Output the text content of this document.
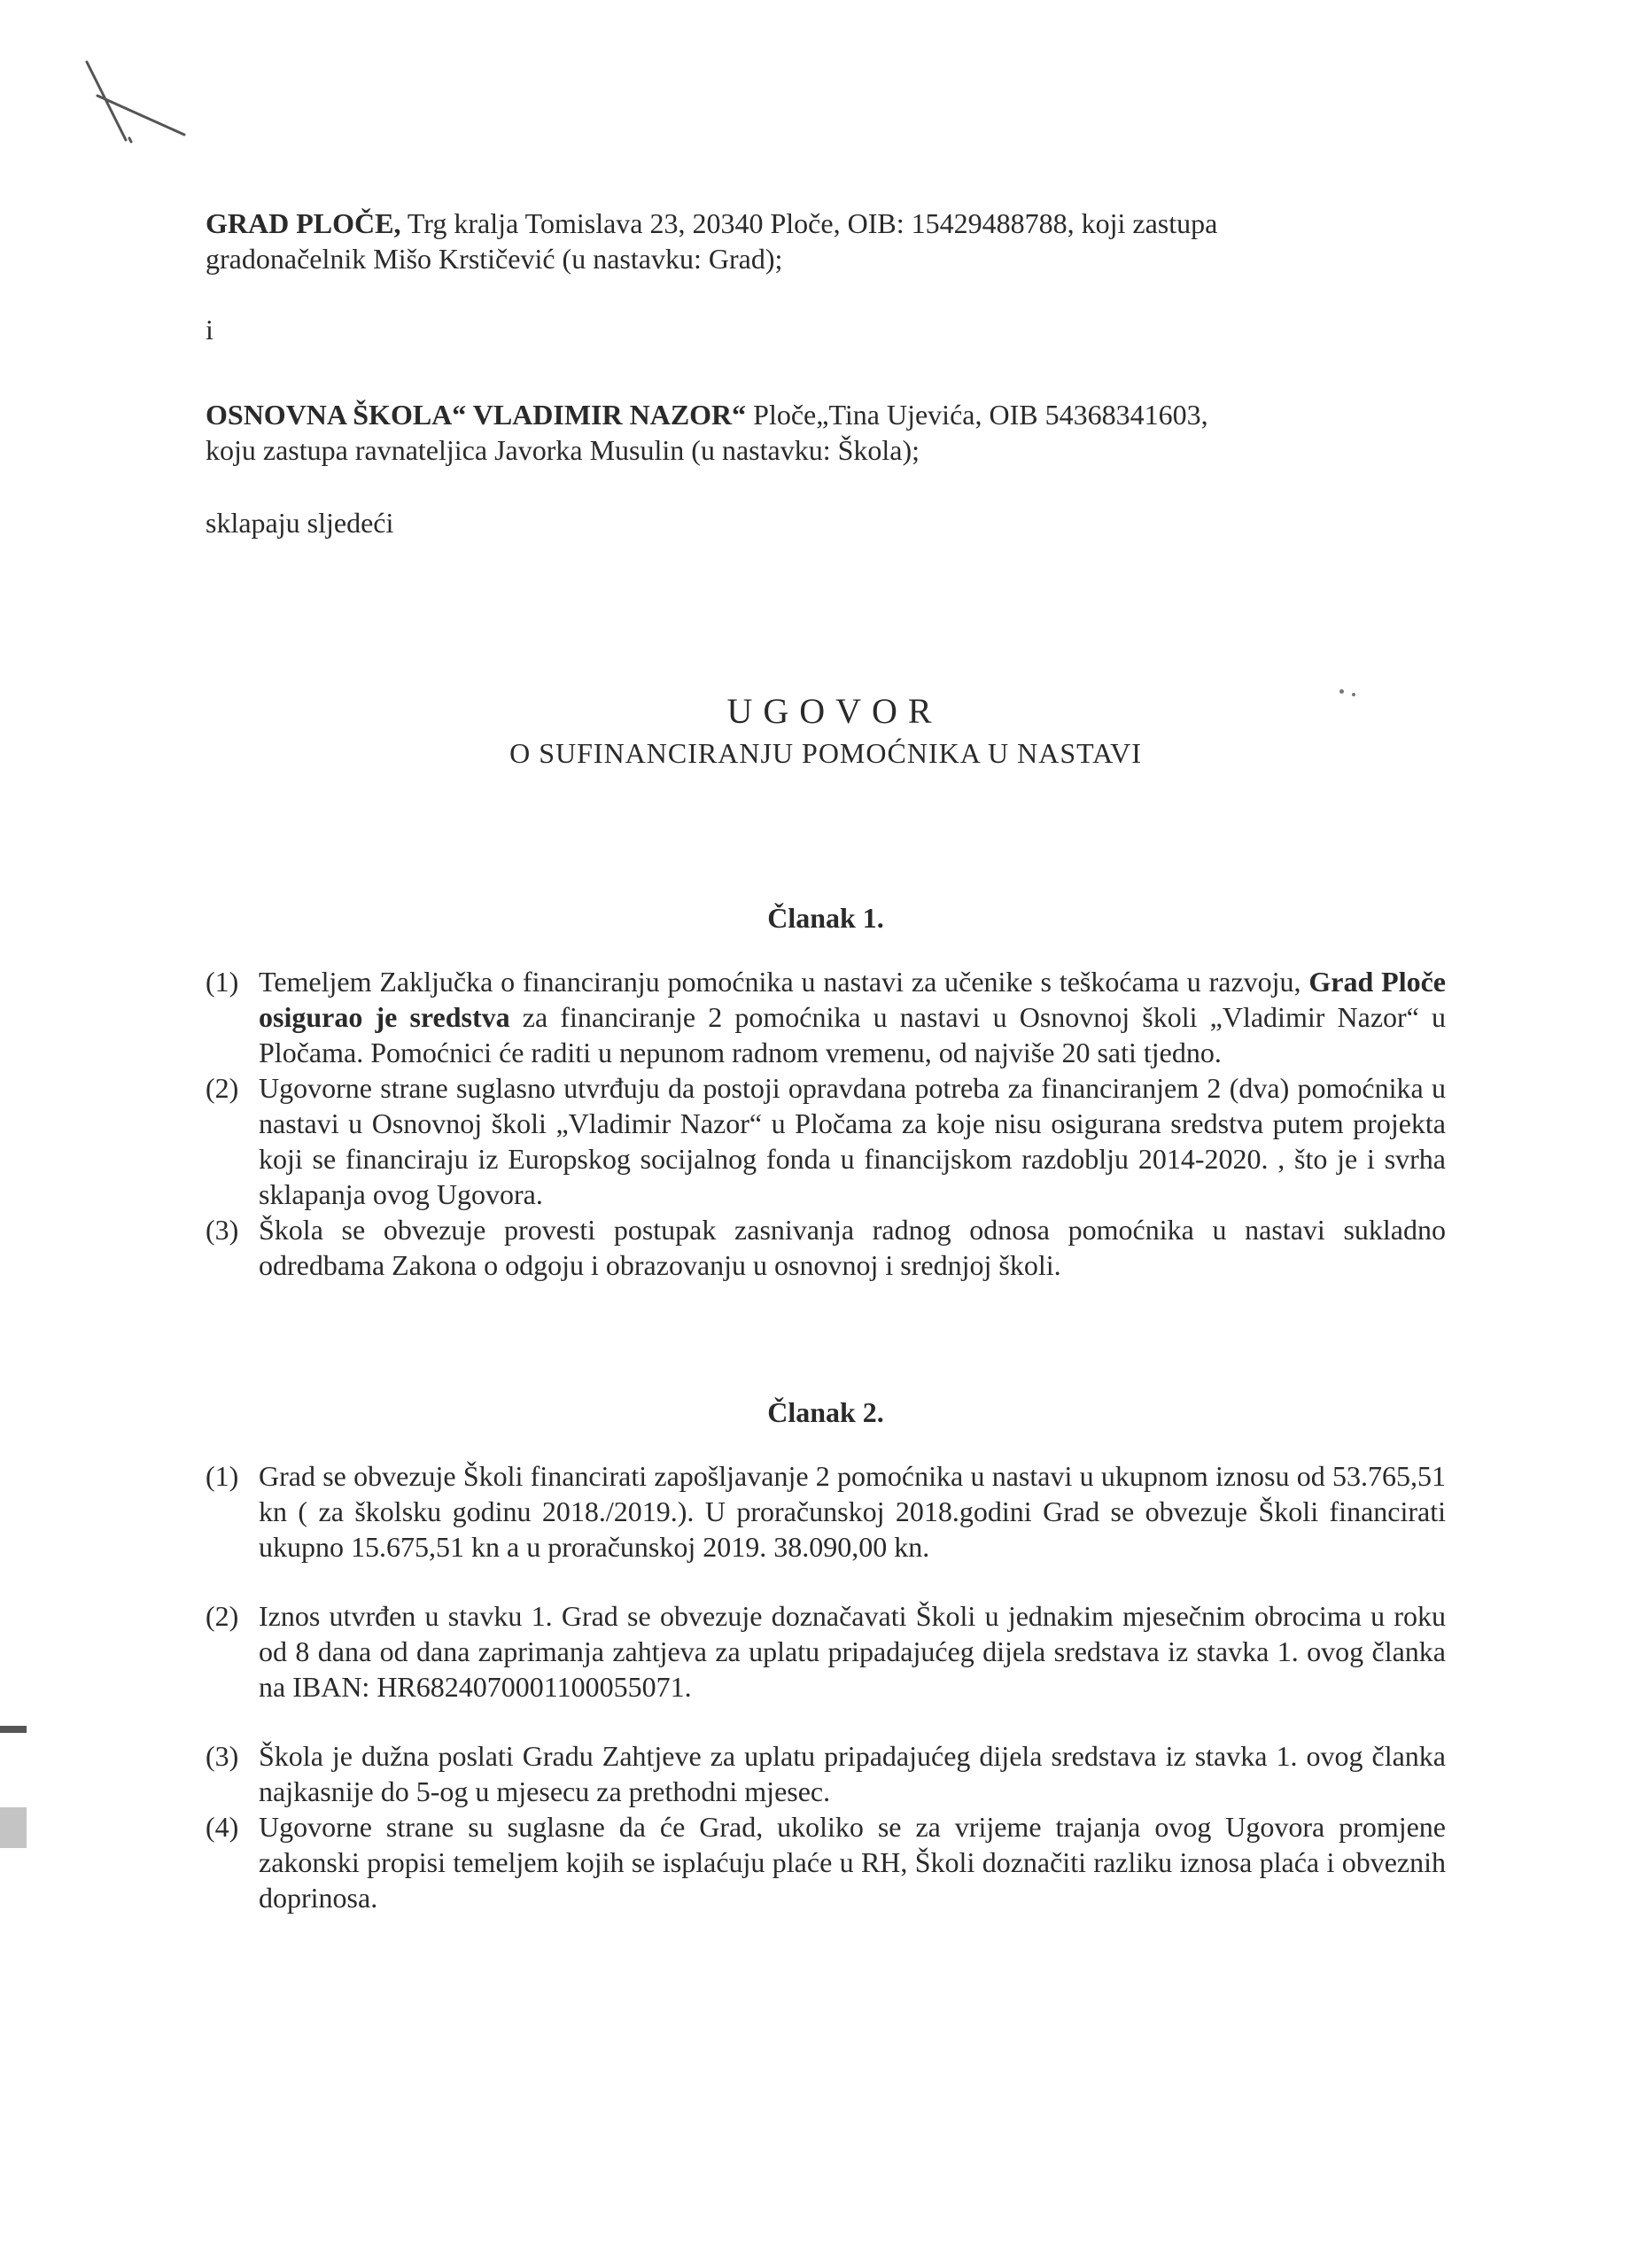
GRAD PLOČE, Trg kralja Tomislava 23, 20340 Ploče, OIB: 15429488788, koji zastupa
gradonačelnik Mišo Krstičević (u nastavku: Grad);

i

OSNOVNA ŠKOLA“ VLADIMIR NAZOR“ Ploče„Tina Ujevića, OIB 54368341603,
koju zastupa ravnateljica Javorka Musulin (u nastavku: Škola);

sklapaju sljedeći

UGOVOR
O SUFINANCIRANJU POMOĆNIKA U NASTAVI
Članak 1.
(1) Temeljem Zaključka o financiranju pomoćnika u nastavi za učenike s teškoćama u razvoju, Grad Ploče osigurao je sredstva za financiranje 2 pomoćnika u nastavi u Osnovnoj školi „Vladimir Nazor“ u Pločama. Pomoćnici će raditi u nepunom radnom vremenu, od najviše 20 sati tjedno.
(2) Ugovorne strane suglasno utvrđuju da postoji opravdana potreba za financiranjem 2 (dva) pomoćnika u nastavi u Osnovnoj školi „Vladimir Nazor“ u Pločama za koje nisu osigurana sredstva putem projekta koji se financiraju iz Europskog socijalnog fonda u financijskom razdoblju 2014-2020. , što je i svrha sklapanja ovog Ugovora.
(3) Škola se obvezuje provesti postupak zasnivanja radnog odnosa pomoćnika u nastavi sukladno odredbama Zakona o odgoju i obrazovanju u osnovnoj i srednjoj školi.
Članak 2.
(1) Grad se obvezuje Školi financirati zapošljavanje 2 pomoćnika u nastavi u ukupnom iznosu od 53.765,51 kn ( za školsku godinu 2018./2019.). U proračunskoj 2018.godini Grad se obvezuje Školi financirati ukupno 15.675,51 kn a u proračunskoj 2019. 38.090,00 kn.
(2) Iznos utvrđen u stavku 1. Grad se obvezuje doznačavati Školi u jednakim mjesečnim obrocima u roku od 8 dana od dana zaprimanja zahtjeva za uplatu pripadajućeg dijela sredstava iz stavka 1. ovog članka na IBAN: HR6824070001100055071.
(3) Škola je dužna poslati Gradu Zahtjeve za uplatu pripadajućeg dijela sredstava iz stavka 1. ovog članka najkasnije do 5-og u mjesecu za prethodni mjesec.
(4) Ugovorne strane su suglasne da će Grad, ukoliko se za vrijeme trajanja ovog Ugovora promjene zakonski propisi temeljem kojih se isplaćuju plaće u RH, Školi doznačiti razliku iznosa plaća i obveznih doprinosa.
